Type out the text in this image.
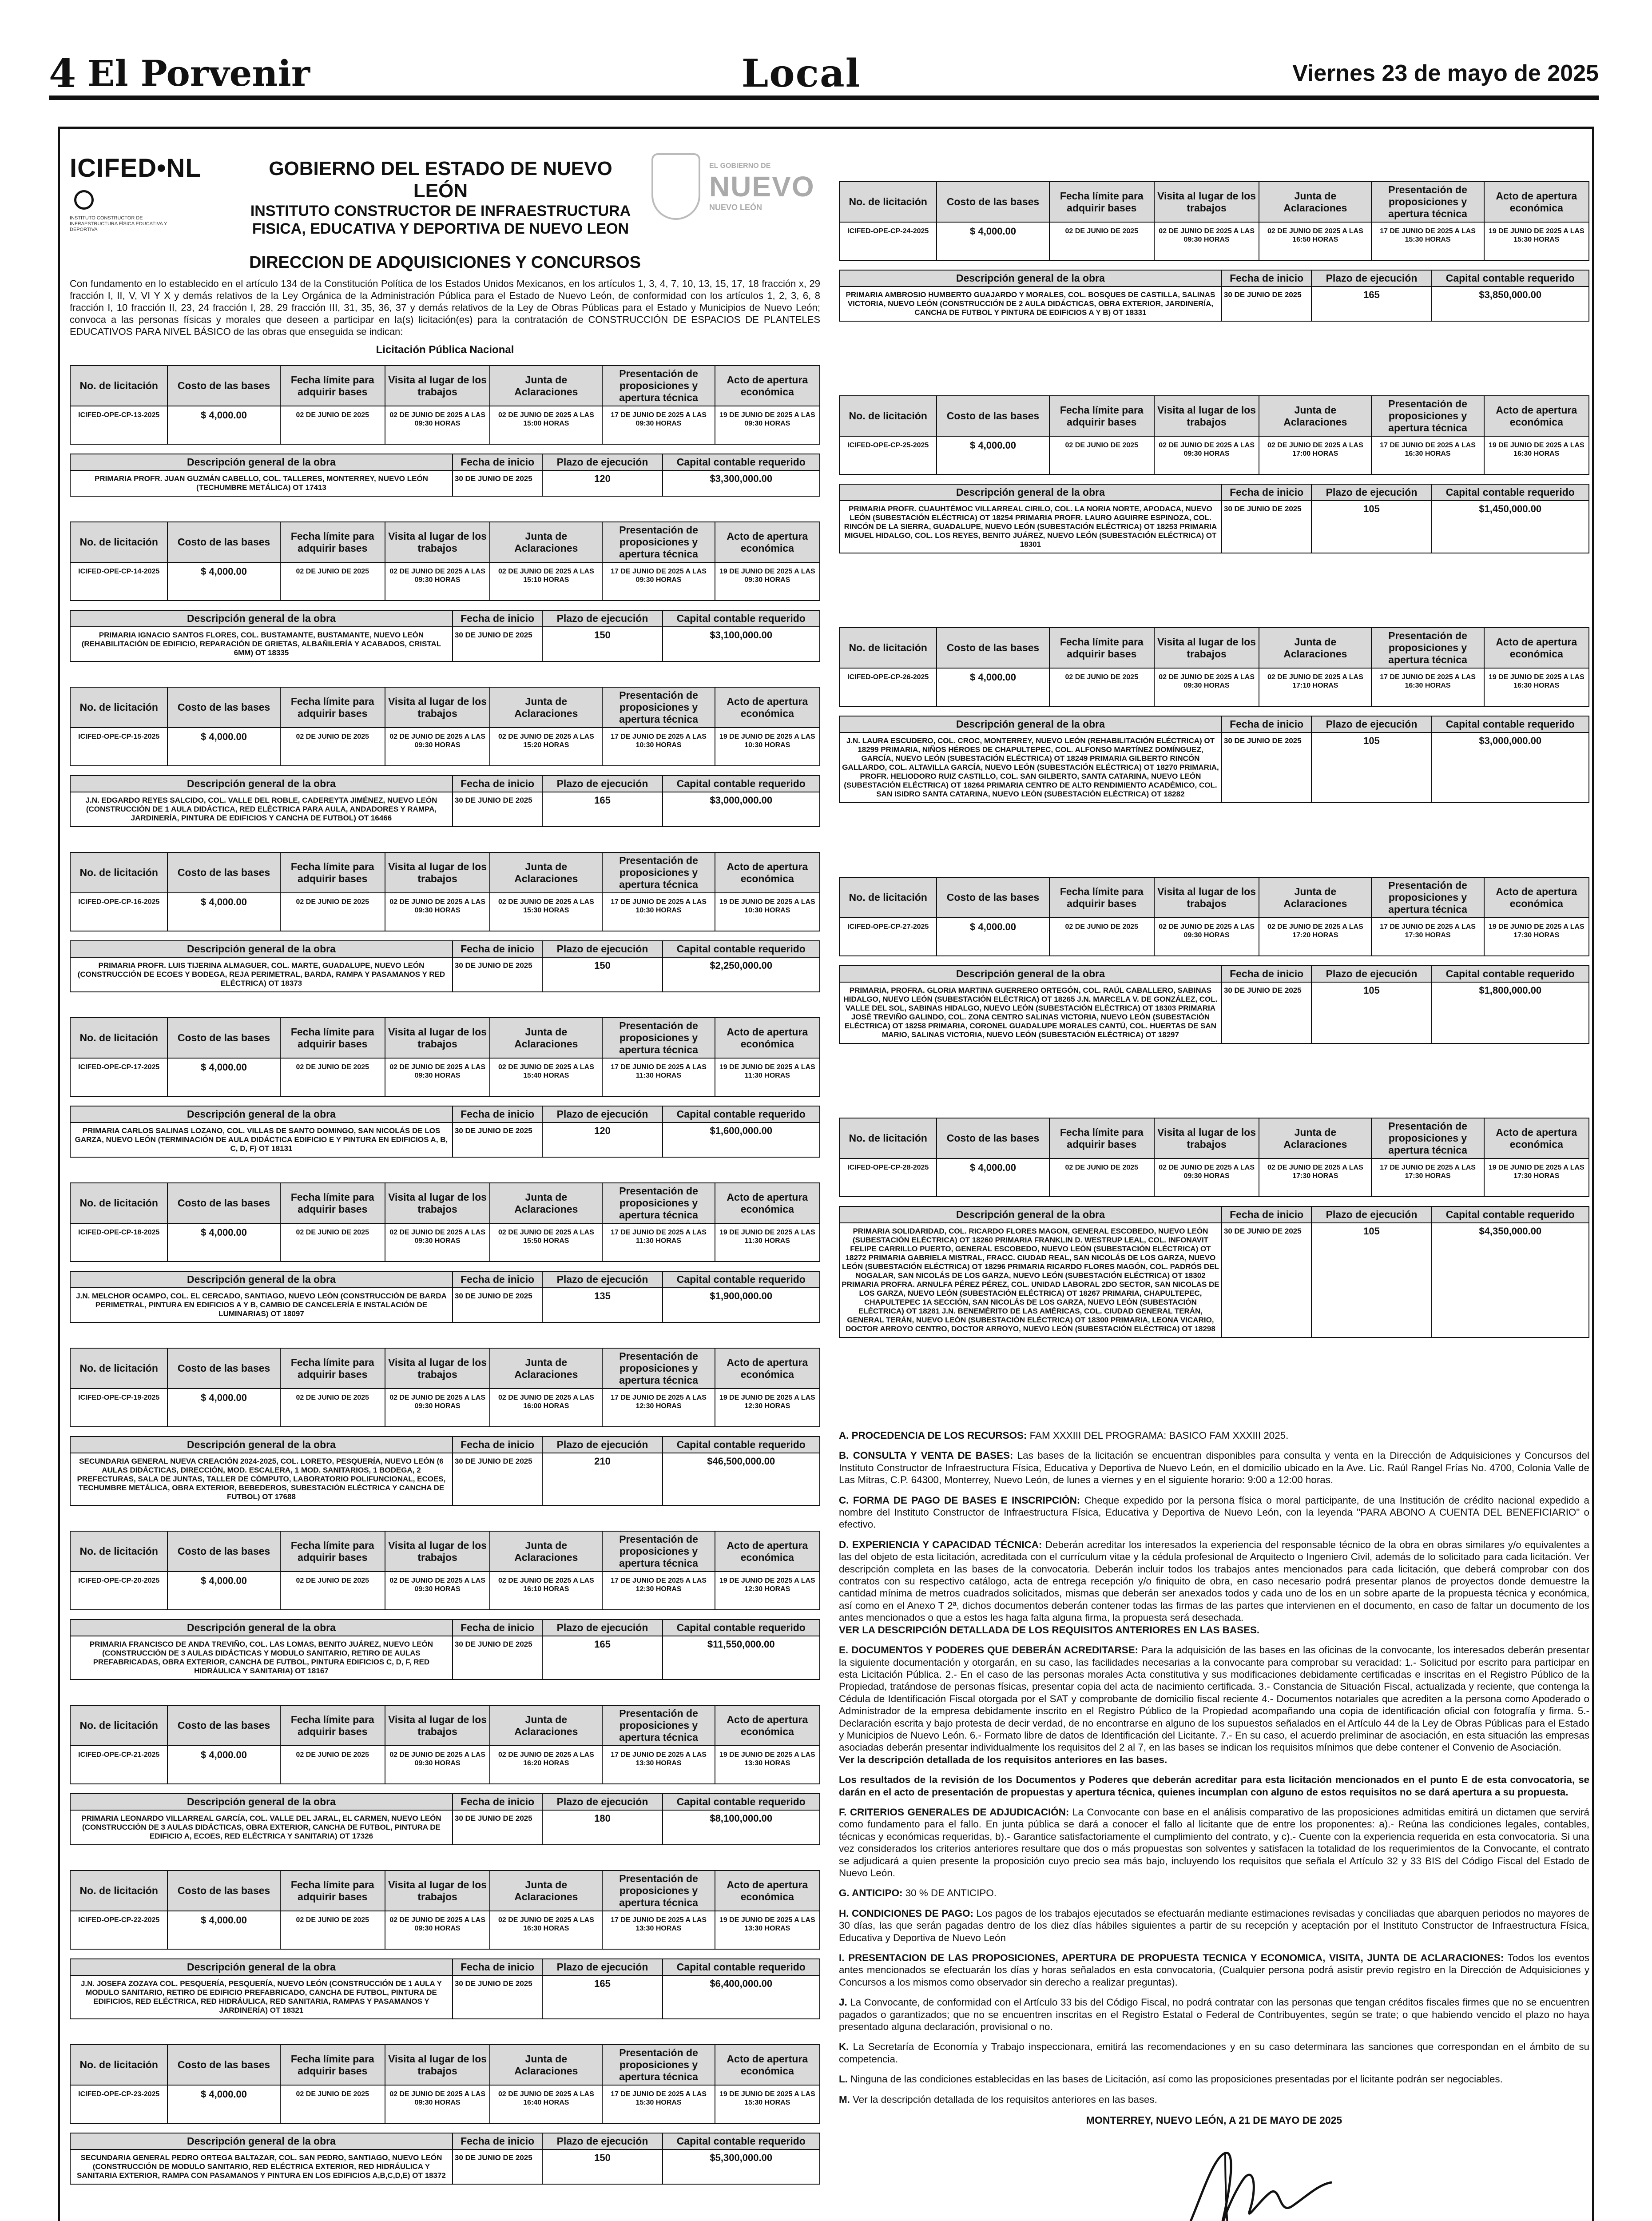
4 El Porvenir	Local	Viernes 23 de mayo de 2025
ICIFED•NL
INSTITUTO CONSTRUCTOR DE INFRAESTRUCTURA FÍSICA EDUCATIVA Y DEPORTIVA
GOBIERNO DEL ESTADO DE NUEVO LEÓN
INSTITUTO CONSTRUCTOR DE INFRAESTRUCTURA
FISICA, EDUCATIVA Y DEPORTIVA DE NUEVO LEON
EL GOBIERNO DE
NUEVO
NUEVO LEÓN
DIRECCION DE ADQUISICIONES Y CONCURSOS
Con fundamento en lo establecido en el artículo 134 de la Constitución Política de los Estados Unidos Mexicanos, en los artículos 1, 3, 4, 7, 10, 13, 15, 17, 18 fracción x, 29 fracción I, II, V, VI Y X y demás relativos de la Ley Orgánica de la Administración Pública para el Estado de Nuevo León, de conformidad con los artículos 1, 2, 3, 6, 8 fracción I, 10 fracción II, 23, 24 fracción I, 28, 29 fracción III, 31, 35, 36, 37 y demás relativos de la Ley de Obras Públicas para el Estado y Municipios de Nuevo León; convoca a las personas físicas y morales que deseen a participar en la(s) licitación(es) para la contratación de CONSTRUCCIÓN DE ESPACIOS DE PLANTELES EDUCATIVOS PARA NIVEL BÁSICO de las obras que enseguida se indican:
Licitación Pública Nacional
No. de licitación	Costo de las bases	Fecha límite para adquirir bases	Visita al lugar de los trabajos	Junta de Aclaraciones	Presentación de proposiciones y apertura técnica	Acto de apertura económica
ICIFED-OPE-CP-13-2025	$ 4,000.00	02 DE JUNIO DE 2025	02 DE JUNIO DE 2025 A LAS 09:30 HORAS	02 DE JUNIO DE 2025 A LAS 15:00 HORAS	17 DE JUNIO DE 2025 A LAS 09:30 HORAS	19 DE JUNIO DE 2025 A LAS 09:30 HORAS
Descripción general de la obra	Fecha de inicio	Plazo de ejecución	Capital contable requerido
PRIMARIA PROFR. JUAN GUZMÁN CABELLO, COL. TALLERES, MONTERREY, NUEVO LEÓN (TECHUMBRE METÁLICA) OT 17413	30 DE JUNIO DE 2025	120	$3,300,000.00
No. de licitación	Costo de las bases	Fecha límite para adquirir bases	Visita al lugar de los trabajos	Junta de Aclaraciones	Presentación de proposiciones y apertura técnica	Acto de apertura económica
ICIFED-OPE-CP-14-2025	$ 4,000.00	02 DE JUNIO DE 2025	02 DE JUNIO DE 2025 A LAS 09:30 HORAS	02 DE JUNIO DE 2025 A LAS 15:10 HORAS	17 DE JUNIO DE 2025 A LAS 09:30 HORAS	19 DE JUNIO DE 2025 A LAS 09:30 HORAS
Descripción general de la obra	Fecha de inicio	Plazo de ejecución	Capital contable requerido
PRIMARIA IGNACIO SANTOS FLORES, COL. BUSTAMANTE, BUSTAMANTE, NUEVO LEÓN (REHABILITACIÓN DE EDIFICIO, REPARACIÓN DE GRIETAS, ALBAÑILERÍA Y ACABADOS, CRISTAL 6MM) OT 18335	30 DE JUNIO DE 2025	150	$3,100,000.00
No. de licitación	Costo de las bases	Fecha límite para adquirir bases	Visita al lugar de los trabajos	Junta de Aclaraciones	Presentación de proposiciones y apertura técnica	Acto de apertura económica
ICIFED-OPE-CP-15-2025	$ 4,000.00	02 DE JUNIO DE 2025	02 DE JUNIO DE 2025 A LAS 09:30 HORAS	02 DE JUNIO DE 2025 A LAS 15:20 HORAS	17 DE JUNIO DE 2025 A LAS 10:30 HORAS	19 DE JUNIO DE 2025 A LAS 10:30 HORAS
Descripción general de la obra	Fecha de inicio	Plazo de ejecución	Capital contable requerido
J.N. EDGARDO REYES SALCIDO, COL. VALLE DEL ROBLE, CADEREYTA JIMÉNEZ, NUEVO LEÓN (CONSTRUCCIÓN DE 1 AULA DIDÁCTICA, RED ELÉCTRICA PARA AULA, ANDADORES Y RAMPA, JARDINERÍA, PINTURA DE EDIFICIOS Y CANCHA DE FUTBOL) OT 16466	30 DE JUNIO DE 2025	165	$3,000,000.00
No. de licitación	Costo de las bases	Fecha límite para adquirir bases	Visita al lugar de los trabajos	Junta de Aclaraciones	Presentación de proposiciones y apertura técnica	Acto de apertura económica
ICIFED-OPE-CP-16-2025	$ 4,000.00	02 DE JUNIO DE 2025	02 DE JUNIO DE 2025 A LAS 09:30 HORAS	02 DE JUNIO DE 2025 A LAS 15:30 HORAS	17 DE JUNIO DE 2025 A LAS 10:30 HORAS	19 DE JUNIO DE 2025 A LAS 10:30 HORAS
Descripción general de la obra	Fecha de inicio	Plazo de ejecución	Capital contable requerido
PRIMARIA PROFR. LUIS TIJERINA ALMAGUER, COL. MARTE, GUADALUPE, NUEVO LEÓN (CONSTRUCCIÓN DE ECOES Y BODEGA, REJA PERIMETRAL, BARDA, RAMPA Y PASAMANOS Y RED ELÉCTRICA) OT 18373	30 DE JUNIO DE 2025	150	$2,250,000.00
No. de licitación	Costo de las bases	Fecha límite para adquirir bases	Visita al lugar de los trabajos	Junta de Aclaraciones	Presentación de proposiciones y apertura técnica	Acto de apertura económica
ICIFED-OPE-CP-17-2025	$ 4,000.00	02 DE JUNIO DE 2025	02 DE JUNIO DE 2025 A LAS 09:30 HORAS	02 DE JUNIO DE 2025 A LAS 15:40 HORAS	17 DE JUNIO DE 2025 A LAS 11:30 HORAS	19 DE JUNIO DE 2025 A LAS 11:30 HORAS
Descripción general de la obra	Fecha de inicio	Plazo de ejecución	Capital contable requerido
PRIMARIA CARLOS SALINAS LOZANO, COL. VILLAS DE SANTO DOMINGO, SAN NICOLÁS DE LOS GARZA, NUEVO LEÓN (TERMINACIÓN DE AULA DIDÁCTICA EDIFICIO E Y PINTURA EN EDIFICIOS A, B, C, D, F) OT 18131	30 DE JUNIO DE 2025	120	$1,600,000.00
No. de licitación	Costo de las bases	Fecha límite para adquirir bases	Visita al lugar de los trabajos	Junta de Aclaraciones	Presentación de proposiciones y apertura técnica	Acto de apertura económica
ICIFED-OPE-CP-18-2025	$ 4,000.00	02 DE JUNIO DE 2025	02 DE JUNIO DE 2025 A LAS 09:30 HORAS	02 DE JUNIO DE 2025 A LAS 15:50 HORAS	17 DE JUNIO DE 2025 A LAS 11:30 HORAS	19 DE JUNIO DE 2025 A LAS 11:30 HORAS
Descripción general de la obra	Fecha de inicio	Plazo de ejecución	Capital contable requerido
J.N. MELCHOR OCAMPO, COL. EL CERCADO, SANTIAGO, NUEVO LEÓN (CONSTRUCCIÓN DE BARDA PERIMETRAL, PINTURA EN EDIFICIOS A Y B, CAMBIO DE CANCELERÍA E INSTALACIÓN DE LUMINARIAS) OT 18097	30 DE JUNIO DE 2025	135	$1,900,000.00
No. de licitación	Costo de las bases	Fecha límite para adquirir bases	Visita al lugar de los trabajos	Junta de Aclaraciones	Presentación de proposiciones y apertura técnica	Acto de apertura económica
ICIFED-OPE-CP-19-2025	$ 4,000.00	02 DE JUNIO DE 2025	02 DE JUNIO DE 2025 A LAS 09:30 HORAS	02 DE JUNIO DE 2025 A LAS 16:00 HORAS	17 DE JUNIO DE 2025 A LAS 12:30 HORAS	19 DE JUNIO DE 2025 A LAS 12:30 HORAS
Descripción general de la obra	Fecha de inicio	Plazo de ejecución	Capital contable requerido
SECUNDARIA GENERAL NUEVA CREACIÓN 2024-2025, COL. LORETO, PESQUERÍA, NUEVO LEÓN (6 AULAS DIDÁCTICAS, DIRECCIÓN, MOD. ESCALERA, 1 MOD. SANITARIOS, 1 BODEGA, 2 PREFECTURAS, SALA DE JUNTAS, TALLER DE CÓMPUTO, LABORATORIO POLIFUNCIONAL, ECOES, TECHUMBRE METÁLICA, OBRA EXTERIOR, BEBEDEROS, SUBESTACIÓN ELÉCTRICA Y CANCHA DE FUTBOL) OT 17688	30 DE JUNIO DE 2025	210	$46,500,000.00
No. de licitación	Costo de las bases	Fecha límite para adquirir bases	Visita al lugar de los trabajos	Junta de Aclaraciones	Presentación de proposiciones y apertura técnica	Acto de apertura económica
ICIFED-OPE-CP-20-2025	$ 4,000.00	02 DE JUNIO DE 2025	02 DE JUNIO DE 2025 A LAS 09:30 HORAS	02 DE JUNIO DE 2025 A LAS 16:10 HORAS	17 DE JUNIO DE 2025 A LAS 12:30 HORAS	19 DE JUNIO DE 2025 A LAS 12:30 HORAS
Descripción general de la obra	Fecha de inicio	Plazo de ejecución	Capital contable requerido
PRIMARIA FRANCISCO DE ANDA TREVIÑO, COL. LAS LOMAS, BENITO JUÁREZ, NUEVO LEÓN (CONSTRUCCIÓN DE 3 AULAS DIDÁCTICAS Y MODULO SANITARIO, RETIRO DE AULAS PREFABRICADAS, OBRA EXTERIOR, CANCHA DE FUTBOL, PINTURA EDIFICIOS C, D, F, RED HIDRÁULICA Y SANITARIA) OT 18167	30 DE JUNIO DE 2025	165	$11,550,000.00
No. de licitación	Costo de las bases	Fecha límite para adquirir bases	Visita al lugar de los trabajos	Junta de Aclaraciones	Presentación de proposiciones y apertura técnica	Acto de apertura económica
ICIFED-OPE-CP-21-2025	$ 4,000.00	02 DE JUNIO DE 2025	02 DE JUNIO DE 2025 A LAS 09:30 HORAS	02 DE JUNIO DE 2025 A LAS 16:20 HORAS	17 DE JUNIO DE 2025 A LAS 13:30 HORAS	19 DE JUNIO DE 2025 A LAS 13:30 HORAS
Descripción general de la obra	Fecha de inicio	Plazo de ejecución	Capital contable requerido
PRIMARIA LEONARDO VILLARREAL GARCÍA, COL. VALLE DEL JARAL, EL CARMEN, NUEVO LEÓN (CONSTRUCCIÓN DE 3 AULAS DIDÁCTICAS, OBRA EXTERIOR, CANCHA DE FUTBOL, PINTURA DE EDIFICIO A, ECOES, RED ELÉCTRICA Y SANITARIA) OT 17326	30 DE JUNIO DE 2025	180	$8,100,000.00
No. de licitación	Costo de las bases	Fecha límite para adquirir bases	Visita al lugar de los trabajos	Junta de Aclaraciones	Presentación de proposiciones y apertura técnica	Acto de apertura económica
ICIFED-OPE-CP-22-2025	$ 4,000.00	02 DE JUNIO DE 2025	02 DE JUNIO DE 2025 A LAS 09:30 HORAS	02 DE JUNIO DE 2025 A LAS 16:30 HORAS	17 DE JUNIO DE 2025 A LAS 13:30 HORAS	19 DE JUNIO DE 2025 A LAS 13:30 HORAS
Descripción general de la obra	Fecha de inicio	Plazo de ejecución	Capital contable requerido
J.N. JOSEFA ZOZAYA COL. PESQUERÍA, PESQUERÍA, NUEVO LEÓN (CONSTRUCCIÓN DE 1 AULA Y MODULO SANITARIO, RETIRO DE EDIFICIO PREFABRICADO, CANCHA DE FUTBOL, PINTURA DE EDIFICIOS, RED ELÉCTRICA, RED HIDRÁULICA, RED SANITARIA, RAMPAS Y PASAMANOS Y JARDINERÍA) OT 18321	30 DE JUNIO DE 2025	165	$6,400,000.00
No. de licitación	Costo de las bases	Fecha límite para adquirir bases	Visita al lugar de los trabajos	Junta de Aclaraciones	Presentación de proposiciones y apertura técnica	Acto de apertura económica
ICIFED-OPE-CP-23-2025	$ 4,000.00	02 DE JUNIO DE 2025	02 DE JUNIO DE 2025 A LAS 09:30 HORAS	02 DE JUNIO DE 2025 A LAS 16:40 HORAS	17 DE JUNIO DE 2025 A LAS 15:30 HORAS	19 DE JUNIO DE 2025 A LAS 15:30 HORAS
Descripción general de la obra	Fecha de inicio	Plazo de ejecución	Capital contable requerido
SECUNDARIA GENERAL PEDRO ORTEGA BALTAZAR, COL. SAN PEDRO, SANTIAGO, NUEVO LEÓN (CONSTRUCCIÓN DE MODULO SANITARIO, RED ELÉCTRICA EXTERIOR, RED HIDRÁULICA Y SANITARIA EXTERIOR, RAMPA CON PASAMANOS Y PINTURA EN LOS EDIFICIOS A,B,C,D,E) OT 18372	30 DE JUNIO DE 2025	150	$5,300,000.00
No. de licitación	Costo de las bases	Fecha límite para adquirir bases	Visita al lugar de los trabajos	Junta de Aclaraciones	Presentación de proposiciones y apertura técnica	Acto de apertura económica
ICIFED-OPE-CP-24-2025	$ 4,000.00	02 DE JUNIO DE 2025	02 DE JUNIO DE 2025 A LAS 09:30 HORAS	02 DE JUNIO DE 2025 A LAS 16:50 HORAS	17 DE JUNIO DE 2025 A LAS 15:30 HORAS	19 DE JUNIO DE 2025 A LAS 15:30 HORAS
Descripción general de la obra	Fecha de inicio	Plazo de ejecución	Capital contable requerido
PRIMARIA AMBROSIO HUMBERTO GUAJARDO Y MORALES, COL. BOSQUES DE CASTILLA, SALINAS VICTORIA, NUEVO LEÓN (CONSTRUCCIÓN DE 2 AULA DIDÁCTICAS, OBRA EXTERIOR, JARDINERÍA, CANCHA DE FUTBOL Y PINTURA DE EDIFICIOS A Y B) OT 18331	30 DE JUNIO DE 2025	165	$3,850,000.00
No. de licitación	Costo de las bases	Fecha límite para adquirir bases	Visita al lugar de los trabajos	Junta de Aclaraciones	Presentación de proposiciones y apertura técnica	Acto de apertura económica
ICIFED-OPE-CP-25-2025	$ 4,000.00	02 DE JUNIO DE 2025	02 DE JUNIO DE 2025 A LAS 09:30 HORAS	02 DE JUNIO DE 2025 A LAS 17:00 HORAS	17 DE JUNIO DE 2025 A LAS 16:30 HORAS	19 DE JUNIO DE 2025 A LAS 16:30 HORAS
Descripción general de la obra	Fecha de inicio	Plazo de ejecución	Capital contable requerido
PRIMARIA PROFR. CUAUHTÉMOC VILLARREAL CIRILO, COL. LA NORIA NORTE, APODACA, NUEVO LEÓN (SUBESTACIÓN ELÉCTRICA) OT 18254 PRIMARIA PROFR. LAURO AGUIRRE ESPINOZA, COL. RINCÓN DE LA SIERRA, GUADALUPE, NUEVO LEÓN (SUBESTACIÓN ELÉCTRICA) OT 18253 PRIMARIA MIGUEL HIDALGO, COL. LOS REYES, BENITO JUÁREZ, NUEVO LEÓN (SUBESTACIÓN ELÉCTRICA) OT 18301	30 DE JUNIO DE 2025	105	$1,450,000.00
No. de licitación	Costo de las bases	Fecha límite para adquirir bases	Visita al lugar de los trabajos	Junta de Aclaraciones	Presentación de proposiciones y apertura técnica	Acto de apertura económica
ICIFED-OPE-CP-26-2025	$ 4,000.00	02 DE JUNIO DE 2025	02 DE JUNIO DE 2025 A LAS 09:30 HORAS	02 DE JUNIO DE 2025 A LAS 17:10 HORAS	17 DE JUNIO DE 2025 A LAS 16:30 HORAS	19 DE JUNIO DE 2025 A LAS 16:30 HORAS
Descripción general de la obra	Fecha de inicio	Plazo de ejecución	Capital contable requerido
J.N. LAURA ESCUDERO, COL. CROC, MONTERREY, NUEVO LEÓN (REHABILITACIÓN ELÉCTRICA) OT 18299 PRIMARIA, NIÑOS HÉROES DE CHAPULTEPEC, COL. ALFONSO MARTÍNEZ DOMÍNGUEZ, GARCÍA, NUEVO LEÓN (SUBESTACIÓN ELÉCTRICA) OT 18249 PRIMARIA GILBERTO RINCÓN GALLARDO, COL. ALTAVILLA GARCÍA, NUEVO LEÓN (SUBESTACIÓN ELÉCTRICA) OT 18270 PRIMARIA, PROFR. HELIODORO RUIZ CASTILLO, COL. SAN GILBERTO, SANTA CATARINA, NUEVO LEÓN (SUBESTACIÓN ELÉCTRICA) OT 18264 PRIMARIA CENTRO DE ALTO RENDIMIENTO ACADÉMICO, COL. SAN ISIDRO SANTA CATARINA, NUEVO LEÓN (SUBESTACIÓN ELÉCTRICA) OT 18282	30 DE JUNIO DE 2025	105	$3,000,000.00
No. de licitación	Costo de las bases	Fecha límite para adquirir bases	Visita al lugar de los trabajos	Junta de Aclaraciones	Presentación de proposiciones y apertura técnica	Acto de apertura económica
ICIFED-OPE-CP-27-2025	$ 4,000.00	02 DE JUNIO DE 2025	02 DE JUNIO DE 2025 A LAS 09:30 HORAS	02 DE JUNIO DE 2025 A LAS 17:20 HORAS	17 DE JUNIO DE 2025 A LAS 17:30 HORAS	19 DE JUNIO DE 2025 A LAS 17:30 HORAS
Descripción general de la obra	Fecha de inicio	Plazo de ejecución	Capital contable requerido
PRIMARIA, PROFRA. GLORIA MARTINA GUERRERO ORTEGÓN, COL. RAÚL CABALLERO, SABINAS HIDALGO, NUEVO LEÓN (SUBESTACIÓN ELÉCTRICA) OT 18265 J.N. MARCELA V. DE GONZÁLEZ, COL. VALLE DEL SOL, SABINAS HIDALGO, NUEVO LEÓN (SUBESTACIÓN ELÉCTRICA) OT 18303 PRIMARIA JOSÉ TREVIÑO GALINDO, COL. ZONA CENTRO SALINAS VICTORIA, NUEVO LEÓN (SUBESTACIÓN ELÉCTRICA) OT 18258 PRIMARIA, CORONEL GUADALUPE MORALES CANTÚ, COL. HUERTAS DE SAN MARIO, SALINAS VICTORIA, NUEVO LEÓN (SUBESTACIÓN ELÉCTRICA) OT 18297	30 DE JUNIO DE 2025	105	$1,800,000.00
No. de licitación	Costo de las bases	Fecha límite para adquirir bases	Visita al lugar de los trabajos	Junta de Aclaraciones	Presentación de proposiciones y apertura técnica	Acto de apertura económica
ICIFED-OPE-CP-28-2025	$ 4,000.00	02 DE JUNIO DE 2025	02 DE JUNIO DE 2025 A LAS 09:30 HORAS	02 DE JUNIO DE 2025 A LAS 17:30 HORAS	17 DE JUNIO DE 2025 A LAS 17:30 HORAS	19 DE JUNIO DE 2025 A LAS 17:30 HORAS
Descripción general de la obra	Fecha de inicio	Plazo de ejecución	Capital contable requerido
PRIMARIA SOLIDARIDAD, COL. RICARDO FLORES MAGON, GENERAL ESCOBEDO, NUEVO LEÓN (SUBESTACIÓN ELÉCTRICA) OT 18260 PRIMARIA FRANKLIN D. WESTRUP LEAL, COL. INFONAVIT FELIPE CARRILLO PUERTO, GENERAL ESCOBEDO, NUEVO LEÓN (SUBESTACIÓN ELÉCTRICA) OT 18272 PRIMARIA GABRIELA MISTRAL, FRACC. CIUDAD REAL, SAN NICOLÁS DE LOS GARZA, NUEVO LEÓN (SUBESTACIÓN ELÉCTRICA) OT 18296 PRIMARIA RICARDO FLORES MAGÓN, COL. PADRÓS DEL NOGALAR, SAN NICOLÁS DE LOS GARZA, NUEVO LEÓN (SUBESTACIÓN ELÉCTRICA) OT 18302 PRIMARIA PROFRA. ARNULFA PÉREZ PÉREZ, COL. UNIDAD LABORAL 2DO SECTOR, SAN NICOLAS DE LOS GARZA, NUEVO LEÓN (SUBESTACIÓN ELÉCTRICA) OT 18267 PRIMARIA, CHAPULTEPEC, CHAPULTEPEC 1A SECCIÓN, SAN NICOLÁS DE LOS GARZA, NUEVO LEÓN (SUBESTACIÓN ELÉCTRICA) OT 18281 J.N. BENEMÉRITO DE LAS AMÉRICAS, COL. CIUDAD GENERAL TERÁN, GENERAL TERÁN, NUEVO LEÓN (SUBESTACIÓN ELÉCTRICA) OT 18300 PRIMARIA, LEONA VICARIO, DOCTOR ARROYO CENTRO, DOCTOR ARROYO, NUEVO LEÓN (SUBESTACIÓN ELÉCTRICA) OT 18298	30 DE JUNIO DE 2025	105	$4,350,000.00

A. PROCEDENCIA DE LOS RECURSOS: FAM XXXIII DEL PROGRAMA: BASICO FAM XXXIII 2025.

B. CONSULTA Y VENTA DE BASES: Las bases de la licitación se encuentran disponibles para consulta y venta en la Dirección de Adquisiciones y Concursos del Instituto Constructor de Infraestructura Física, Educativa y Deportiva de Nuevo León, en el domicilio ubicado en la Ave. Lic. Raúl Rangel Frías No. 4700, Colonia Valle de Las Mitras, C.P. 64300, Monterrey, Nuevo León, de lunes a viernes y en el siguiente horario: 9:00 a 12:00 horas.

C. FORMA DE PAGO DE BASES E INSCRIPCIÓN: Cheque expedido por la persona física o moral participante, de una Institución de crédito nacional expedido a nombre del Instituto Constructor de Infraestructura Física, Educativa y Deportiva de Nuevo León, con la leyenda "PARA ABONO A CUENTA DEL BENEFICIARIO" o efectivo.

D. EXPERIENCIA Y CAPACIDAD TÉCNICA: Deberán acreditar los interesados la experiencia del responsable técnico de la obra en obras similares y/o equivalentes a las del objeto de esta licitación, acreditada con el currículum vitae y la cédula profesional de Arquitecto o Ingeniero Civil, además de lo solicitado para cada licitación. Ver descripción completa en las bases de la convocatoria. Deberán incluir todos los trabajos antes mencionados para cada licitación, que deberá comprobar con dos contratos con su respectivo catálogo, acta de entrega recepción y/o finiquito de obra, en caso necesario podrá presentar planos de proyectos donde demuestre la cantidad mínima de metros cuadrados solicitados, mismas que deberán ser anexados todos y cada uno de los en un sobre aparte de la propuesta técnica y económica, así como en el Anexo T 2ª, dichos documentos deberán contener todas las firmas de las partes que intervienen en el documento, en caso de faltar un documento de los antes mencionados o que a estos les haga falta alguna firma, la propuesta será desechada.

VER LA DESCRIPCIÓN DETALLADA DE LOS REQUISITOS ANTERIORES EN LAS BASES.

E. DOCUMENTOS Y PODERES QUE DEBERÁN ACREDITARSE: Para la adquisición de las bases en las oficinas de la convocante, los interesados deberán presentar la siguiente documentación y otorgarán, en su caso, las facilidades necesarias a la convocante para comprobar su veracidad: 1.- Solicitud por escrito para participar en esta Licitación Pública. 2.- En el caso de las personas morales Acta constitutiva y sus modificaciones debidamente certificadas e inscritas en el Registro Público de la Propiedad, tratándose de personas físicas, presentar copia del acta de nacimiento certificada. 3.- Constancia de Situación Fiscal, actualizada y reciente, que contenga la Cédula de Identificación Fiscal otorgada por el SAT y comprobante de domicilio fiscal reciente 4.- Documentos notariales que acrediten a la persona como Apoderado o Administrador de la empresa debidamente inscrito en el Registro Público de la Propiedad acompañando una copia de identificación oficial con fotografía y firma. 5.- Declaración escrita y bajo protesta de decir verdad, de no encontrarse en alguno de los supuestos señalados en el Artículo 44 de la Ley de Obras Públicas para el Estado y Municipios de Nuevo León. 6.- Formato libre de datos de Identificación del Licitante. 7.- En su caso, el acuerdo preliminar de asociación, en esta situación las empresas asociadas deberán presentar individualmente los requisitos del 2 al 7, en las bases se indican los requisitos mínimos que debe contener el Convenio de Asociación.

Ver la descripción detallada de los requisitos anteriores en las bases.

Los resultados de la revisión de los Documentos y Poderes que deberán acreditar para esta licitación mencionados en el punto E de esta convocatoria, se darán en el acto de presentación de propuestas y apertura técnica, quienes incumplan con alguno de estos requisitos no se dará apertura a su propuesta.

F. CRITERIOS GENERALES DE ADJUDICACIÓN: La Convocante con base en el análisis comparativo de las proposiciones admitidas emitirá un dictamen que servirá como fundamento para el fallo. En junta pública se dará a conocer el fallo al licitante que de entre los proponentes: a).- Reúna las condiciones legales, contables, técnicas y económicas requeridas, b).- Garantice satisfactoriamente el cumplimiento del contrato, y c).- Cuente con la experiencia requerida en esta convocatoria. Si una vez considerados los criterios anteriores resultare que dos o más propuestas son solventes y satisfacen la totalidad de los requerimientos de la Convocante, el contrato se adjudicará a quien presente la proposición cuyo precio sea más bajo, incluyendo los requisitos que señala el Artículo 32 y 33 BIS del Código Fiscal del Estado de Nuevo León.

G. ANTICIPO: 30 % DE ANTICIPO.

H. CONDICIONES DE PAGO: Los pagos de los trabajos ejecutados se efectuarán mediante estimaciones revisadas y conciliadas que abarquen periodos no mayores de 30 días, las que serán pagadas dentro de los diez días hábiles siguientes a partir de su recepción y aceptación por el Instituto Constructor de Infraestructura Física, Educativa y Deportiva de Nuevo León

I. PRESENTACION DE LAS PROPOSICIONES, APERTURA DE PROPUESTA TECNICA Y ECONOMICA, VISITA, JUNTA DE ACLARACIONES: Todos los eventos antes mencionados se efectuarán los días y horas señalados en esta convocatoria, (Cualquier persona podrá asistir previo registro en la Dirección de Adquisiciones y Concursos a los mismos como observador sin derecho a realizar preguntas).

J. La Convocante, de conformidad con el Artículo 33 bis del Código Fiscal, no podrá contratar con las personas que tengan créditos fiscales firmes que no se encuentren pagados o garantizados; que no se encuentren inscritas en el Registro Estatal o Federal de Contribuyentes, según se trate; o que habiendo vencido el plazo no haya presentado alguna declaración, provisional o no.

K. La Secretaría de Economía y Trabajo inspeccionara, emitirá las recomendaciones y en su caso determinara las sanciones que correspondan en el ámbito de su competencia.

L. Ninguna de las condiciones establecidas en las bases de Licitación, así como las proposiciones presentadas por el licitante podrán ser negociables.

M. Ver la descripción detallada de los requisitos anteriores en las bases.

MONTERREY, NUEVO LEÓN, A 21 DE MAYO DE 2025
